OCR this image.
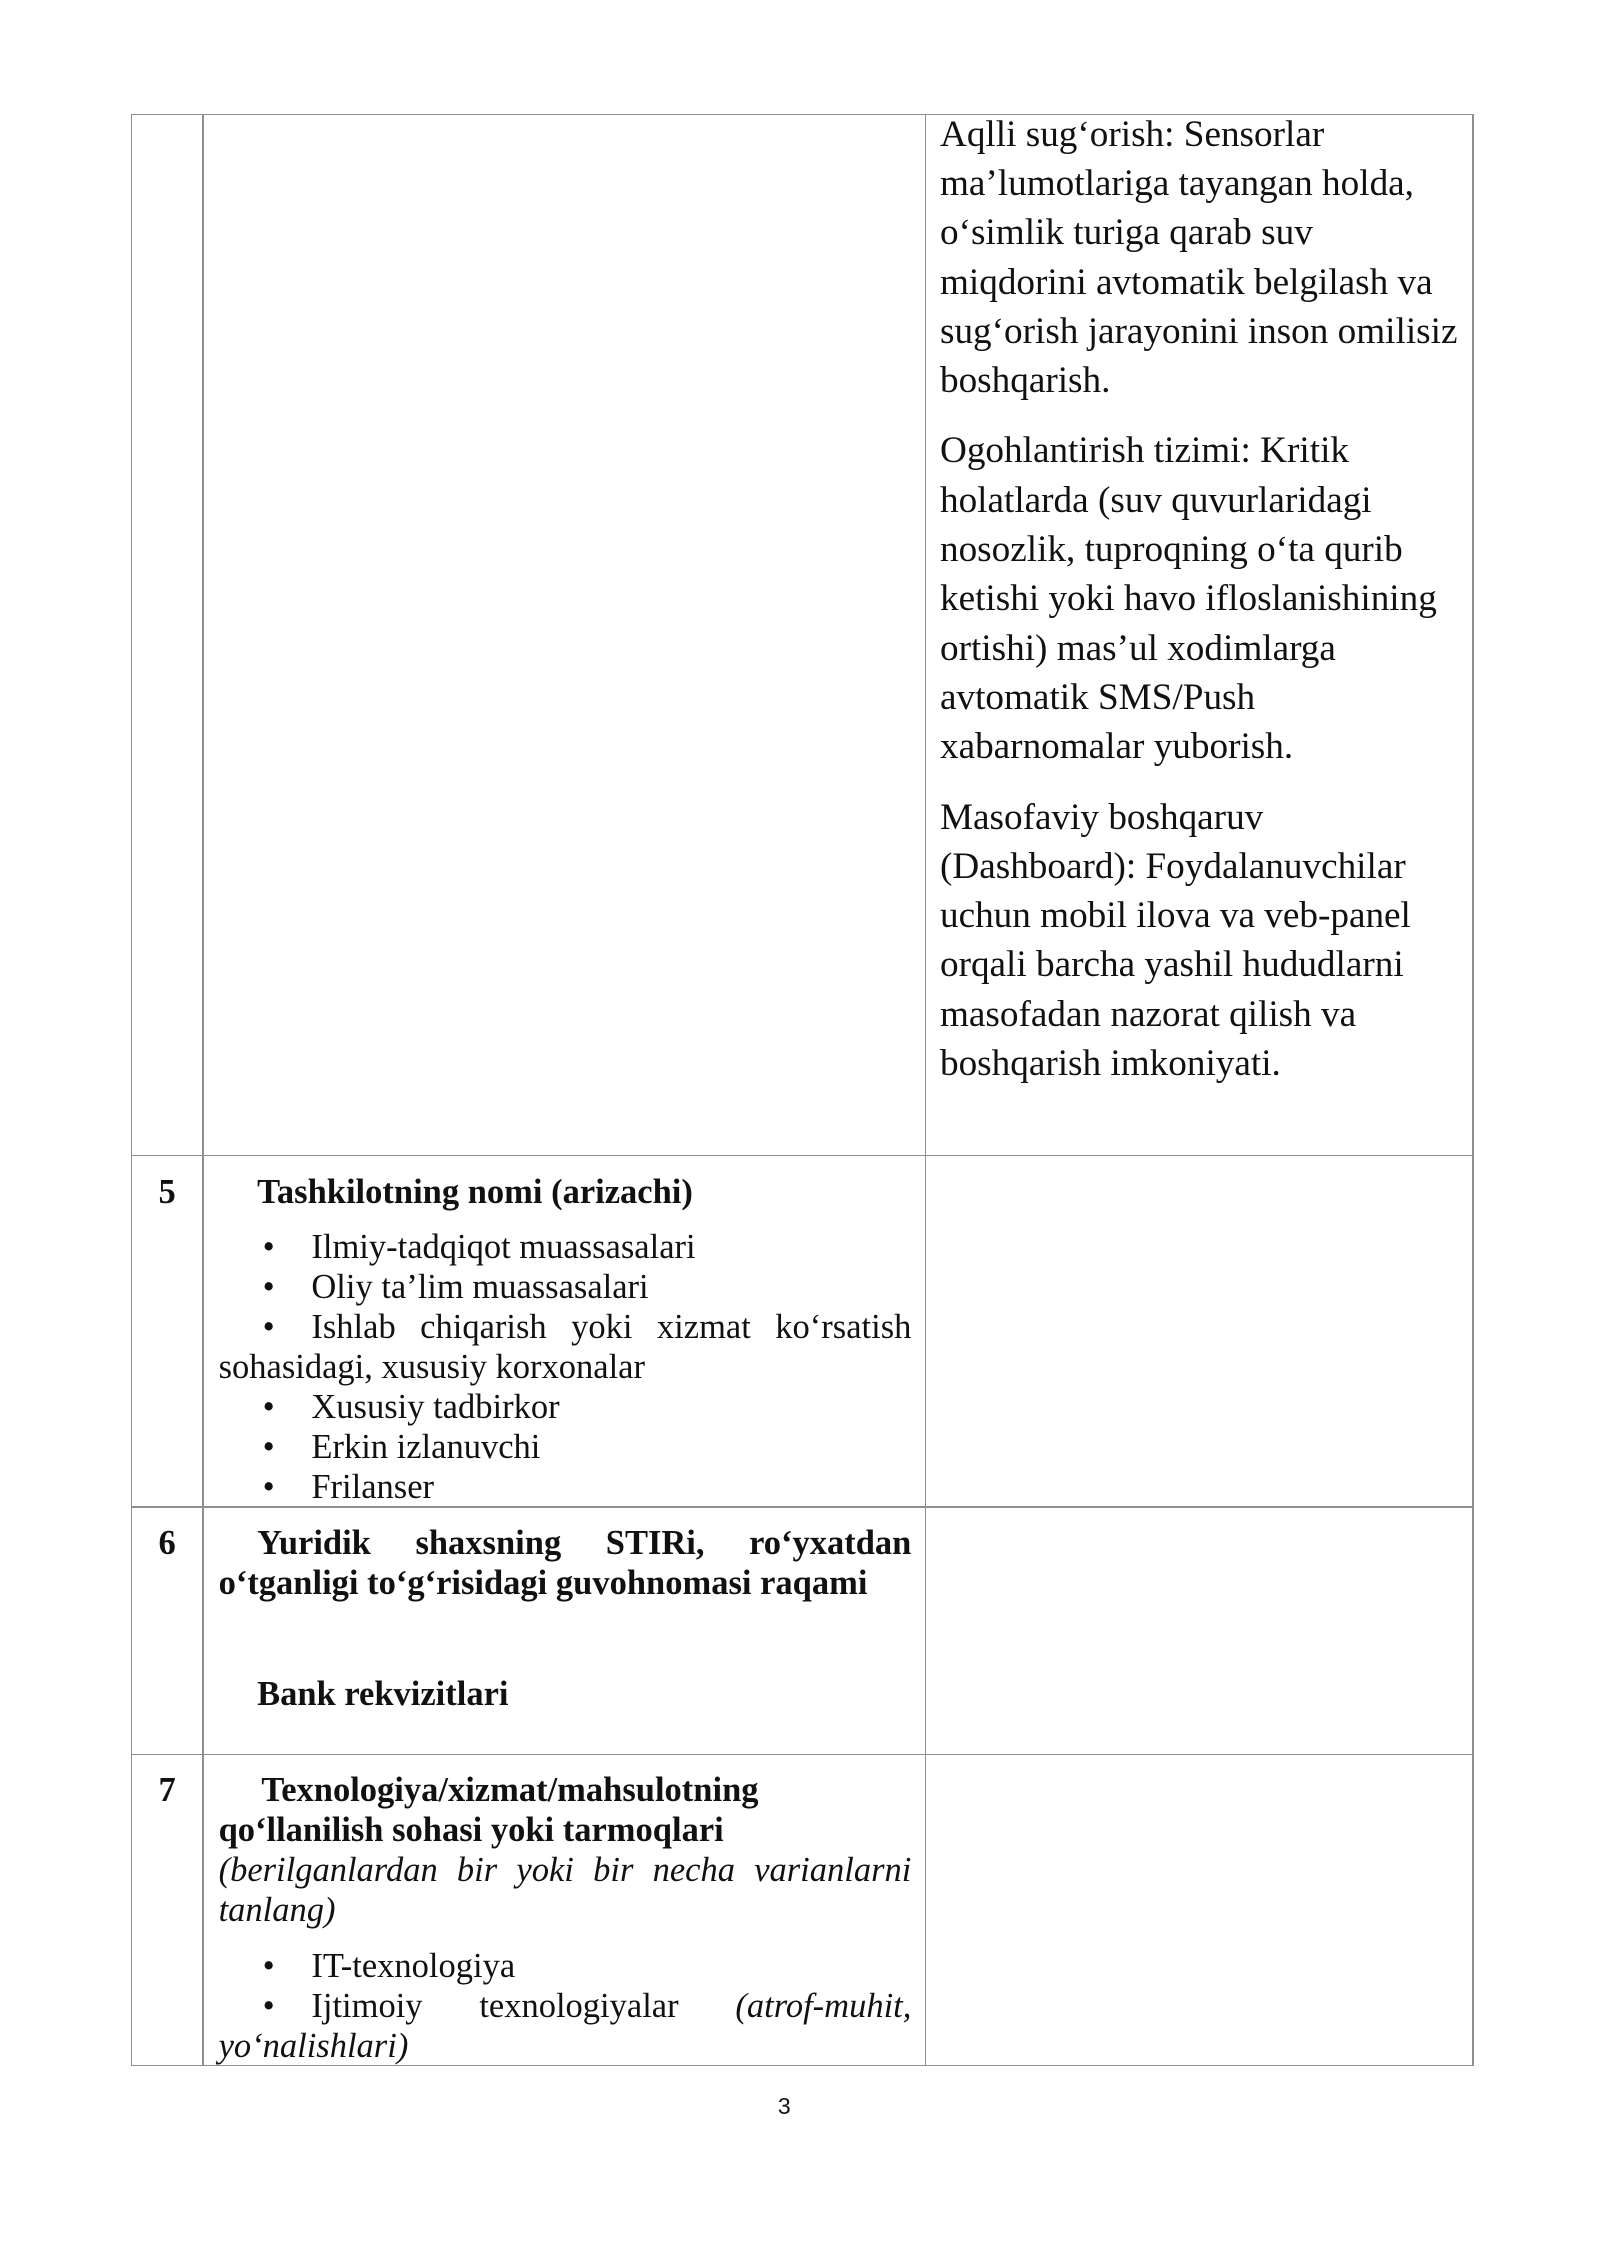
Aqlli sug‘orish: Sensorlar
ma’lumotlariga tayangan holda,
o‘simlik turiga qarab suv
miqdorini avtomatik belgilash va
sug‘orish jarayonini inson omilisiz
boshqarish.

Ogohlantirish tizimi: Kritik
holatlarda (suv quvurlaridagi
nosozlik, tuproqning o‘ta qurib
ketishi yoki havo ifloslanishining
ortishi) mas’ul xodimlarga
avtomatik SMS/Push
xabarnomalar yuborish.

Masofaviy boshqaruv
(Dashboard): Foydalanuvchilar
uchun mobil ilova va veb-panel
orqali barcha yashil hududlarni
masofadan nazorat qilish va
boshqarish imkoniyati.

5	Tashkilotning nomi (arizachi)

• Ilmiy-tadqiqot muassasalari
• Oliy ta’lim muassasalari
• Ishlab chiqarish yoki xizmat ko‘rsatish sohasidagi, xususiy korxonalar
• Xususiy tadbirkor
• Erkin izlanuvchi
• Frilanser
6	Yuridik shaxsning STIRi, ro‘yxatdan o‘tganligi to‘g‘risidagi guvohnomasi raqami

Bank rekvizitlari

7	Texnologiya/xizmat/mahsulotning qo‘llanilish sohasi yoki tarmoqlari

(berilganlardan bir yoki bir necha varianlarni tanlang)

• IT-texnologiya
• Ijtimoiy texnologiyalar (atrof-muhit, yo‘nalishlari)
3
